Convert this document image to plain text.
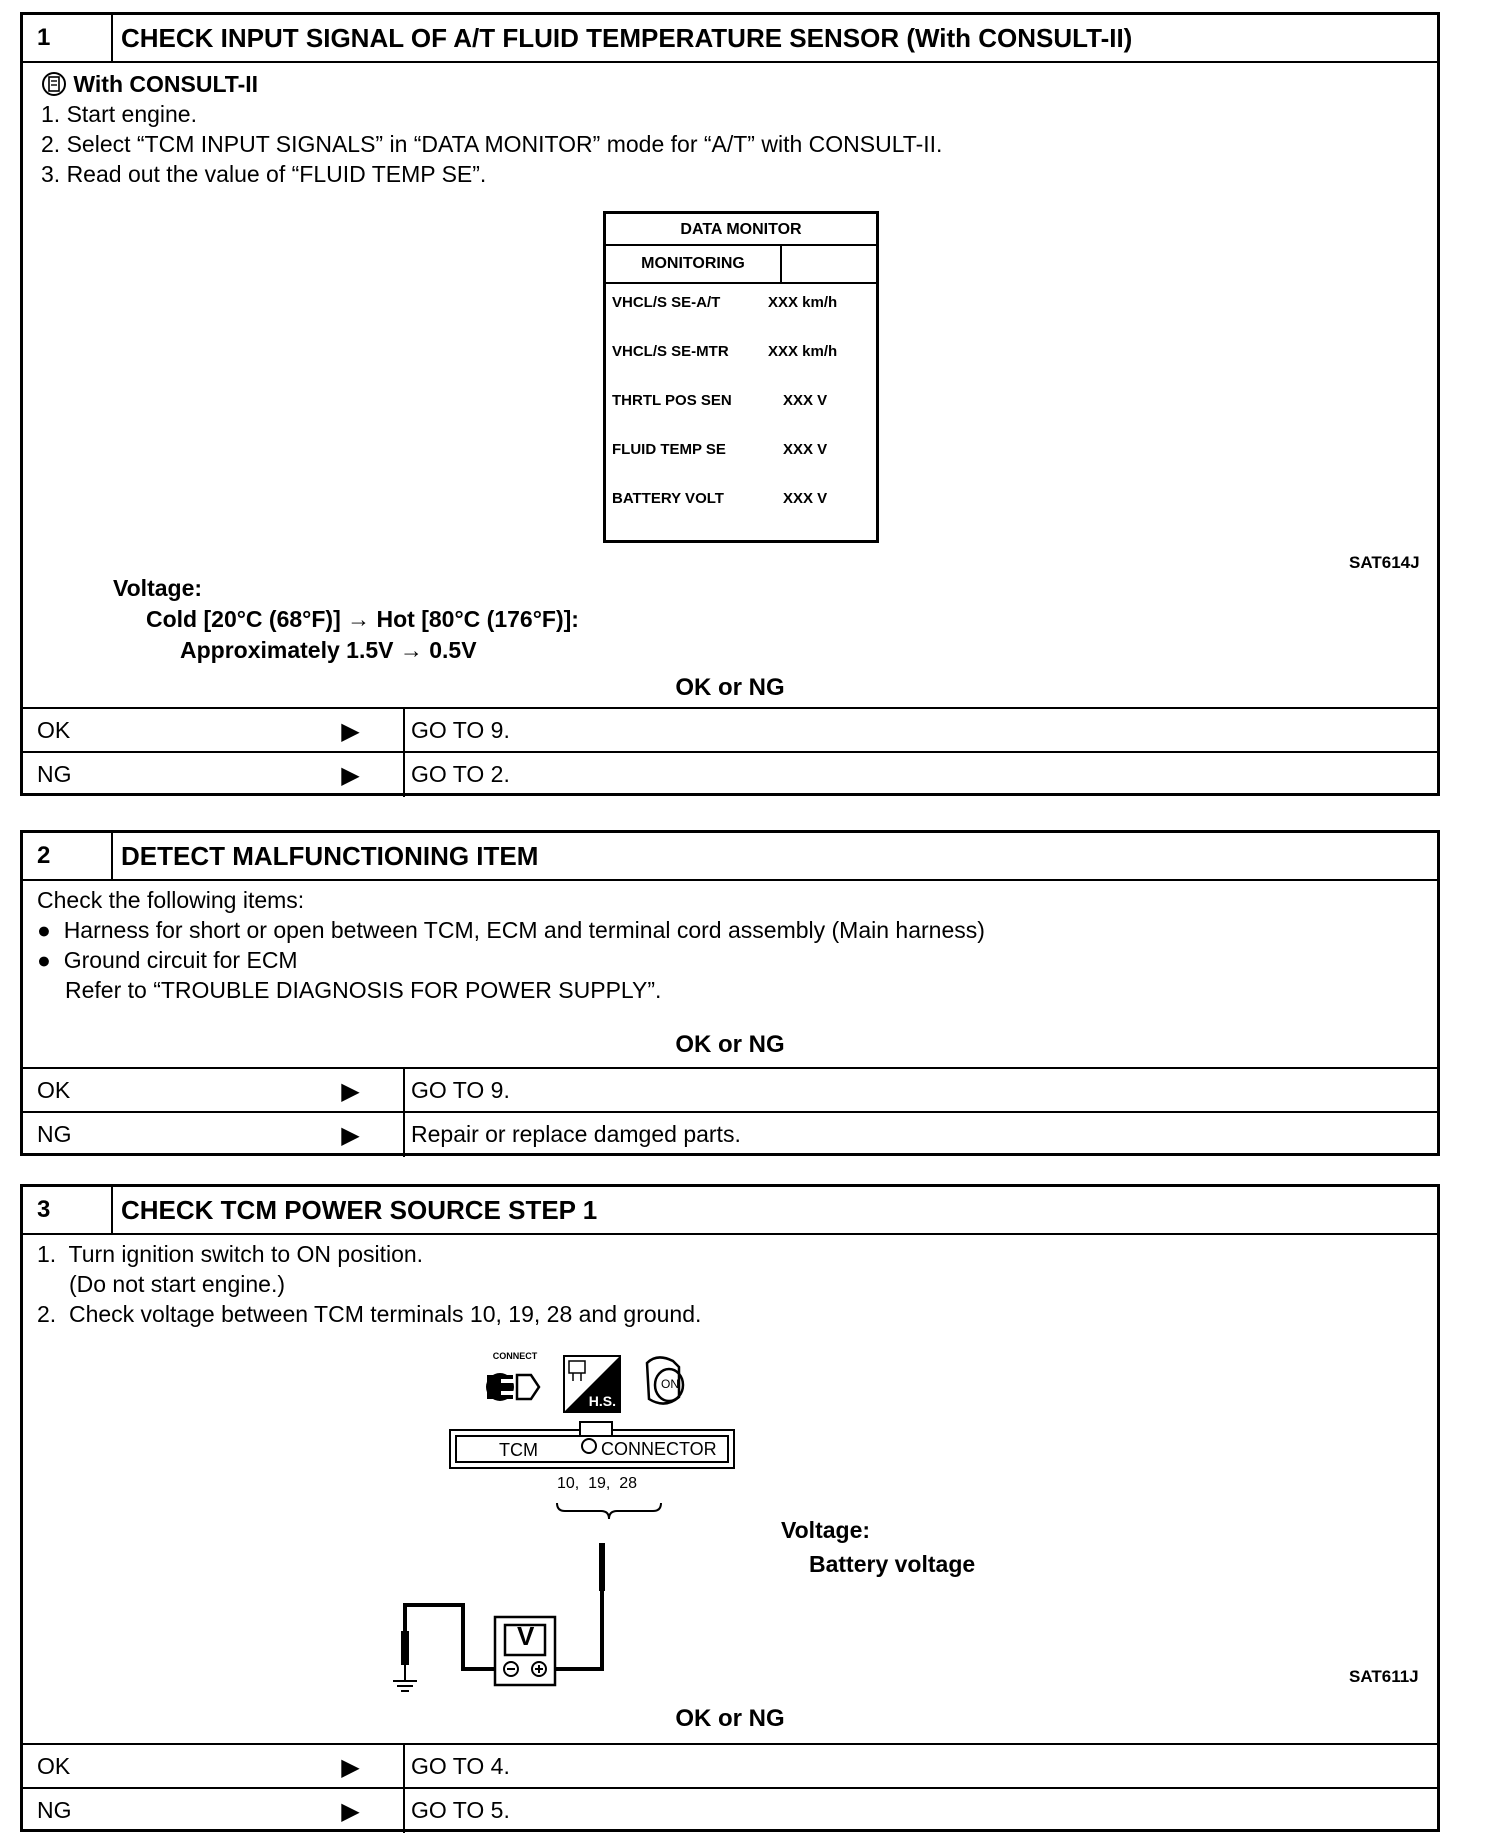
1	CHECK INPUT SIGNAL OF A/T FLUID TEMPERATURE SENSOR (With CONSULT-II)
With CONSULT-II
1. Start engine.
2. Select “TCM INPUT SIGNALS” in “DATA MONITOR” mode for “A/T” with CONSULT-II.
3. Read out the value of “FLUID TEMP SE”.
DATA MONITOR
MONITORING
VHCL/S SE-A/T	XXX km/h
VHCL/S SE-MTR	XXX km/h
THRTL POS SEN	XXX V
FLUID TEMP SE	XXX V
BATTERY VOLT	XXX V
SAT614J
Voltage:
Cold [20°C (68°F)] → Hot [80°C (176°F)]:
Approximately 1.5V → 0.5V
OK or NG
OK	▶	GO TO 9.
NG	▶	GO TO 2.
2	DETECT MALFUNCTIONING ITEM
Check the following items:
●  Harness for short or open between TCM, ECM and terminal cord assembly (Main harness)
●  Ground circuit for ECM
Refer to “TROUBLE DIAGNOSIS FOR POWER SUPPLY”.
OK or NG
OK	▶	GO TO 9.
NG	▶	Repair or replace damged parts.
3	CHECK TCM POWER SOURCE STEP 1
1.  Turn ignition switch to ON position.
(Do not start engine.)
2.  Check voltage between TCM terminals 10, 19, 28 and ground.
CONNECT
H.S.
ON
TCM	CONNECTOR
10,  19,  28
V
Voltage:
Battery voltage
SAT611J
OK or NG
OK	▶	GO TO 4.
NG	▶	GO TO 5.
